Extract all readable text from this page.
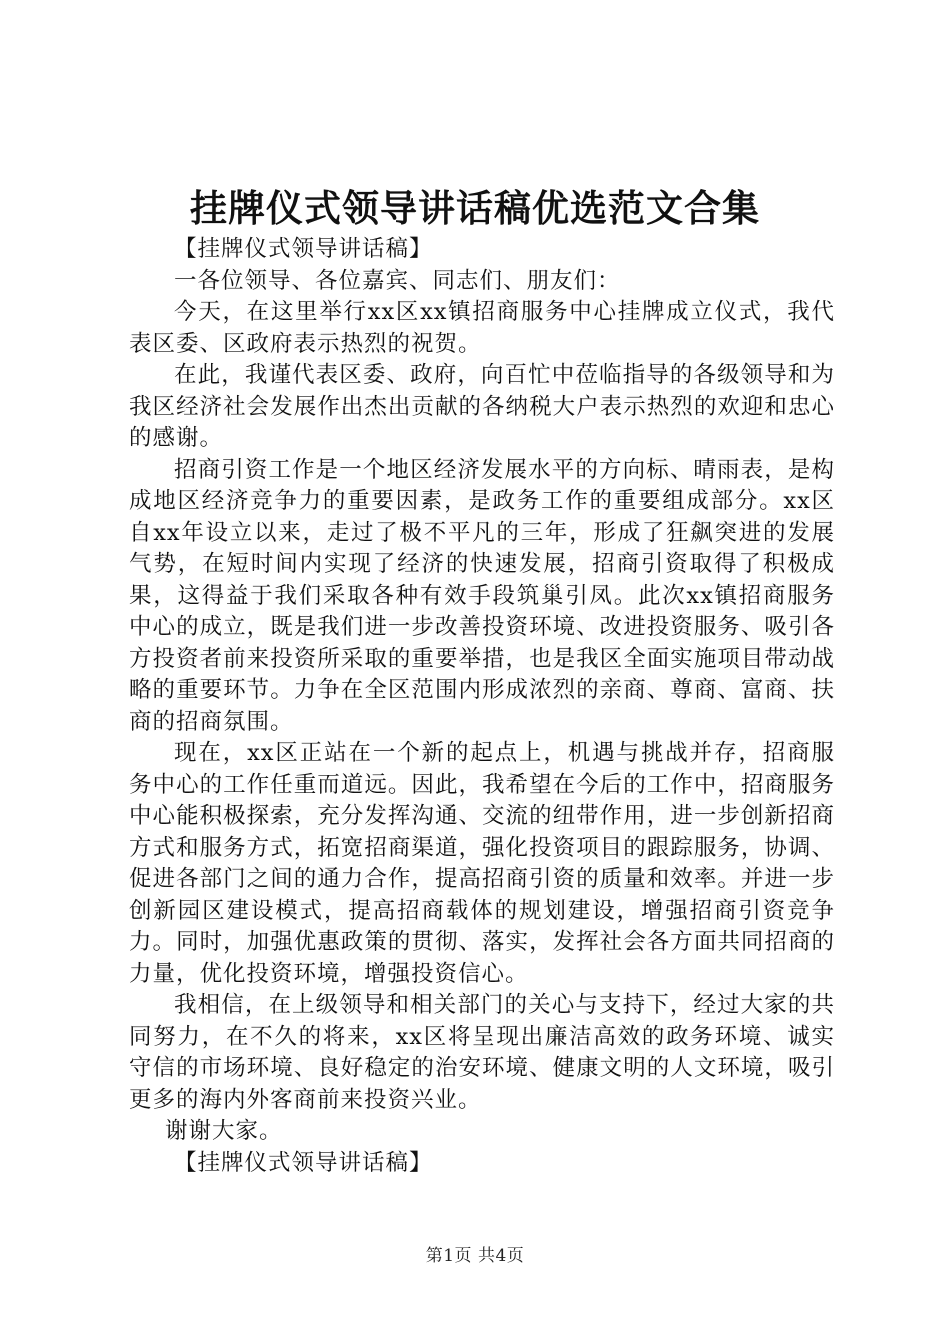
挂牌仪式领导讲话稿优选范文合集

【挂牌仪式领导讲话稿】

一各位领导、各位嘉宾、同志们、朋友们：

今天，在这里举行xx区xx镇招商服务中心挂牌成立仪式，我代表区委、区政府表示热烈的祝贺。

在此，我谨代表区委、政府，向百忙中莅临指导的各级领导和为我区经济社会发展作出杰出贡献的各纳税大户表示热烈的欢迎和忠心的感谢。

招商引资工作是一个地区经济发展水平的方向标、晴雨表，是构成地区经济竞争力的重要因素，是政务工作的重要组成部分。xx区自xx年设立以来，走过了极不平凡的三年，形成了狂飙突进的发展气势，在短时间内实现了经济的快速发展，招商引资取得了积极成果，这得益于我们采取各种有效手段筑巢引凤。此次xx镇招商服务中心的成立，既是我们进一步改善投资环境、改进投资服务、吸引各方投资者前来投资所采取的重要举措，也是我区全面实施项目带动战略的重要环节。力争在全区范围内形成浓烈的亲商、尊商、富商、扶商的招商氛围。

现在，xx区正站在一个新的起点上，机遇与挑战并存，招商服务中心的工作任重而道远。因此，我希望在今后的工作中，招商服务中心能积极探索，充分发挥沟通、交流的纽带作用，进一步创新招商方式和服务方式，拓宽招商渠道，强化投资项目的跟踪服务，协调、促进各部门之间的通力合作，提高招商引资的质量和效率。并进一步创新园区建设模式，提高招商载体的规划建设，增强招商引资竞争力。同时，加强优惠政策的贯彻、落实，发挥社会各方面共同招商的力量，优化投资环境，增强投资信心。

我相信，在上级领导和相关部门的关心与支持下，经过大家的共同努力，在不久的将来，xx区将呈现出廉洁高效的政务环境、诚实守信的市场环境、良好稳定的治安环境、健康文明的人文环境，吸引更多的海内外客商前来投资兴业。

谢谢大家。

【挂牌仪式领导讲话稿】

第1页 共4页
